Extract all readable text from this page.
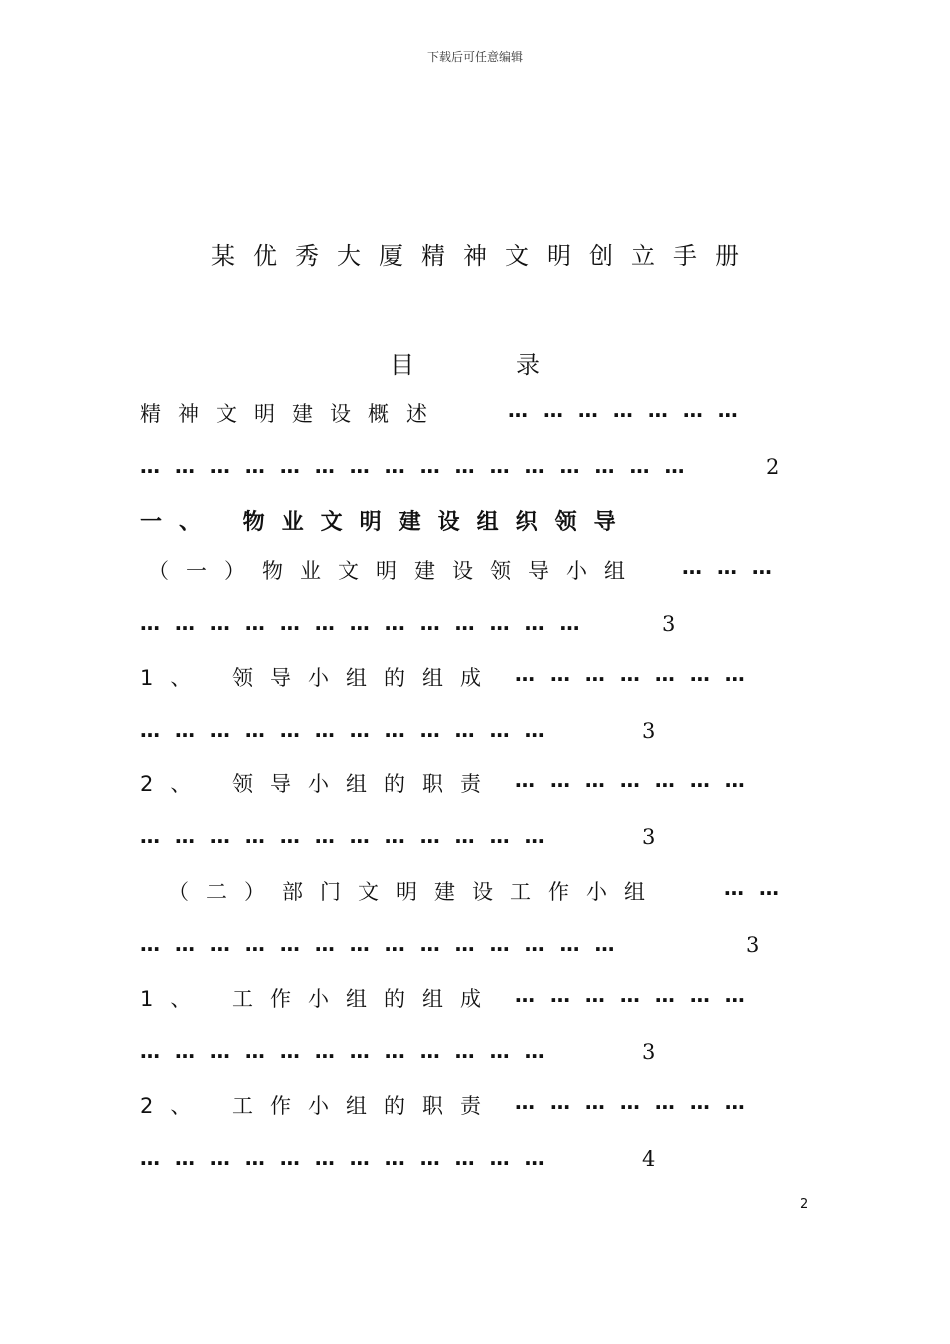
下载后可任意编辑
某优秀大厦精神文明创立手册
目	录
精神文明建设概述	… … … … … … …
… … … … … … … … … … … … … … … …	2
一、 物业文明建设组织领导
（一）物业文明建设领导小组 … … …
… … … … … … … … … … … … …	3
1、 领导小组的组成 … … … … … … …
… … … … … … … … … … … …	3
2、 领导小组的职责 … … … … … … …
… … … … … … … … … … … …	3
（二）部门文明建设工作小组	… …
… … … … … … … … … … … … … …	3
1、 工作小组的组成 … … … … … … …
… … … … … … … … … … … …	3
2、 工作小组的职责 … … … … … … …
… … … … … … … … … … … …	4
2
